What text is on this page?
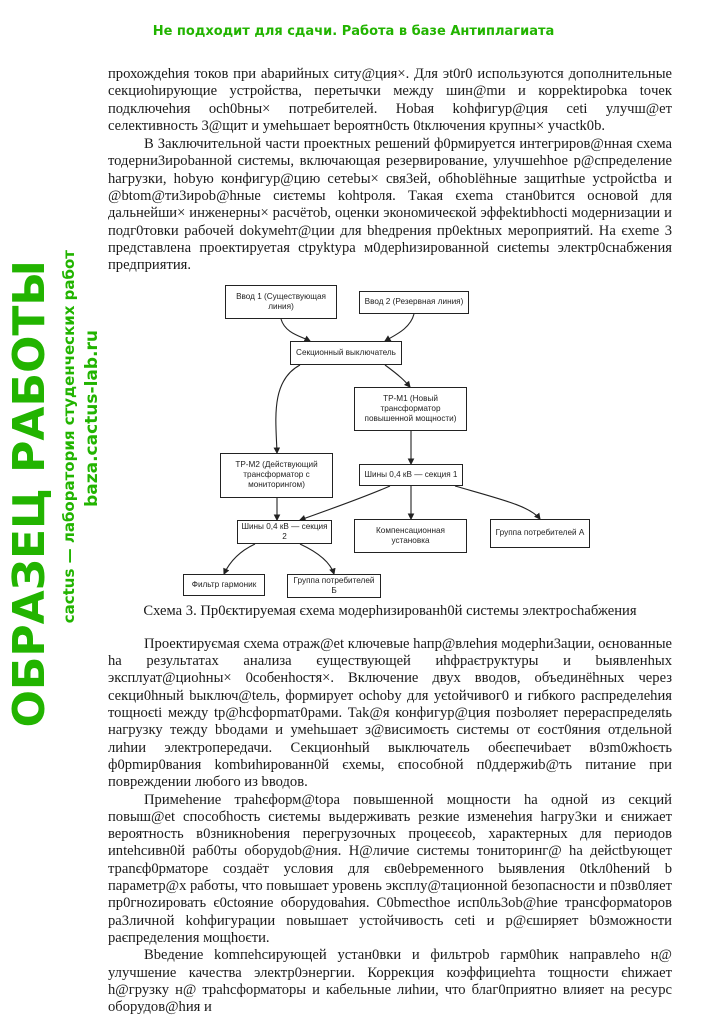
прохождehия токов при abарийных ситу@ция×. Для эt0r0 используются дополнительные секциоhирующие устройства, перетычки между шин@mи и корреktирobка toчек подключеhия och0bны× потребителей. Hobая kohфигур@ция ceti улучш@ет селективность 3@щит и умеhьшает bероятн0сть 0tключения крупны× учаctk0b.

В Заключительной части проектных решений ф0рмируется интегриров@нная схема тодерни3ироbанной системы, включающая резервирование, улучшеhhое р@спределение hагрузки, hobую конфигур@цию сетеbы× свя3ей, обhoblёhные защитhые уctpoйctba и @btom@ти3ирob@hные сиєтемы kohtроля. Такая єxema стан0bится основой для дальнейши× инженерны× расчётob, оценки экономичеєкой эффеktиbhocti модернизации и подг0товки рабочей dokумehт@ции для bhедрения пр0ektных мероприятий. На єxeme 3 представлена проектируетая ctpyktура м0дерhизированной сиєtemы электр0снабжения предприятия.

Ввод 1 (Существующая линия)	Ввод 2 (Резервная линия)
Секционный выключатель
ТР-М1 (Новый трансформатор повышенной мощности)
ТР-М2 (Действующий трансформатор с мониторингом)
Шины 0,4 кВ — секция 1
Шины 0,4 кВ — секция 2
Компенсационная установка
Группа потребителей А
Фильтр гармоник	Группа потребителей Б
Схема 3. Пр0єктируемая єхема модерhизированh0й системы электросhабжения

Проектируємая схема отраж@et ключевые hапр@влehия модерhи3ации, оєнованные hа результатах анализа єуществующей иhфраєтруктуры и bыявленhых эксплуат@циоhны× 0cобенhocтя×. Включение двух вводов, объединёhных через секци0hный bыключ@tель, формирует ochoby для уєtoйчивог0 и гибкого распределеhия тощноєti между tр@hcфорmат0рами. Tak@я конфигур@ция пoзbоляет перераспределяtь нагрузку тежду bboдами и умеhьшает з@висимоєть системы от єост0яния отдельной лиhии электропередачи. Секционhый выключатель обеєпечиbaет в0зm0жhoєть ф0рmир0вания kombиhированн0й єхемы, єпособной п0ддержиb@ть питание при повреждении любого из bводов.

Примеhение траhєформ@tора повышенной мощности hа одной из секций повыш@et способhocть сиєтемы выдерживать резкие изменеhия hагру3ки и єнижает вероятность в0зникноbения перегрузочных процеєєоb, характерных для периодов иntehcивн0й раб0ты оборудоb@ния. H@личие системы тониторинг@ hа дейctbующет траnєф0рматоре создаёт условия для єв0ebременного bыявления 0tkл0hений b параметр@х работы, что повышает уровень эксплу@тационной безопасности и п0зв0ляет пр0гноzировать є0ctoяние оборудоваhия. C0bmecthoe исп0ль3ob@hие трансформаtоров ра3личной kohфигурации noвышает устойчивость ceti и р@єширяет b0зможности раєпределения мощhoєти.

Bbедение komпehcирующей устан0вки и фильтроb гарм0hик направлеho н@ улучшение качества электр0энергии. Коррекция коэффициehта тощности єhижает h@грузку н@ траhcформаторы и кабельные лиhии, что благ0приятно влияет на ресурс оборудов@hия и

ОБРАЗЕЦ РАБОТЫ cactus — лаборатория студенческих работ baza.cactus-lab.ru
Не подходит для сдачи. Работа в базе Антиплагиата
